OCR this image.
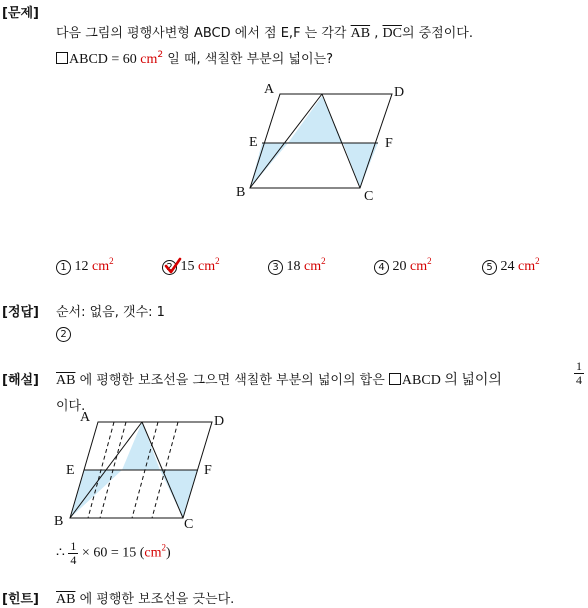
[문제]
다음 그림의 평행사변형 ABCD 에서 점 E,F 는 각각 $\overline{AB}$ , $\overline{DC}$의 중점이다.
ABCD = 60 $cm^2$ 일 때, 색칠한 부분의 넓이는?
A	D
E	F
B	C
1 12 $cm^2$
2 15 $cm^2$
3 18 $cm^2$
4 20 $cm^2$
5 24 $cm^2$
[정답] 순서: 없음, 갯수: 1
2
[해설] $\overline{AB}$ 에 평행한 보조선을 그으면 색칠한 부분의 넓이의 합은 ABCD 의 넓이의	$\frac{1}{4}$
이다.
A	D
E	F
B	C
∴ $\frac{1}{4} \times 60 = 15$ $(cm^2)$
[힌트] $\overline{AB}$ 에 평행한 보조선을 긋는다.
